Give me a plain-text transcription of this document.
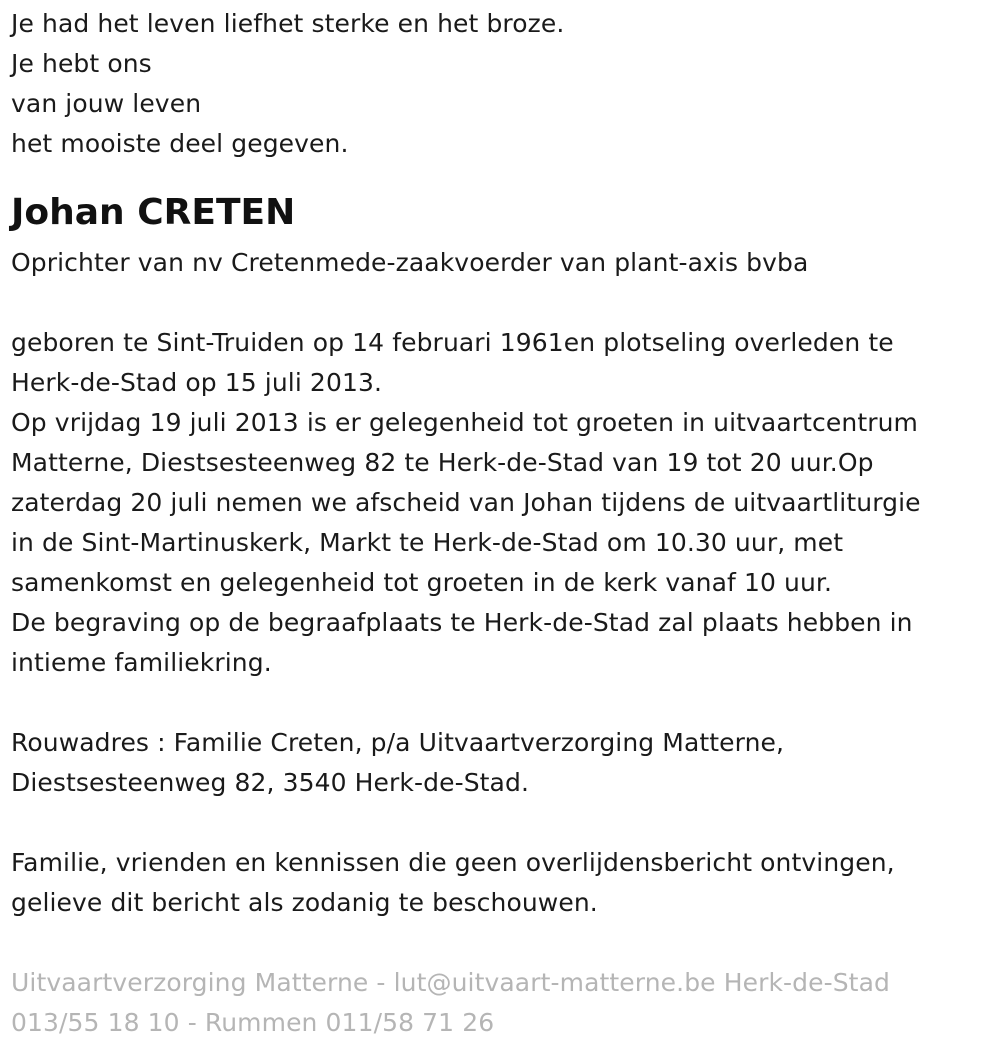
Je had het leven liefhet sterke en het broze.
Je hebt ons
van jouw leven
het mooiste deel gegeven.
Johan CRETEN
Oprichter van nv Cretenmede-zaakvoerder van plant-axis bvba
geboren te Sint-Truiden op 14 februari 1961en plotseling overleden te
Herk-de-Stad op 15 juli 2013.
Op vrijdag 19 juli 2013 is er gelegenheid tot groeten in uitvaartcentrum
Matterne, Diestsesteenweg 82 te Herk-de-Stad van 19 tot 20 uur.Op
zaterdag 20 juli nemen we afscheid van Johan tijdens de uitvaartliturgie
in de Sint-Martinuskerk, Markt te Herk-de-Stad om 10.30 uur, met
samenkomst en gelegenheid tot groeten in de kerk vanaf 10 uur.
De begraving op de begraafplaats te Herk-de-Stad zal plaats hebben in
intieme familiekring.
Rouwadres : Familie Creten, p/a Uitvaartverzorging Matterne,
Diestsesteenweg 82, 3540 Herk-de-Stad.
Familie, vrienden en kennissen die geen overlijdensbericht ontvingen,
gelieve dit bericht als zodanig te beschouwen.
Uitvaartverzorging Matterne - lut@uitvaart-matterne.be Herk-de-Stad
013/55 18 10 - Rummen 011/58 71 26
